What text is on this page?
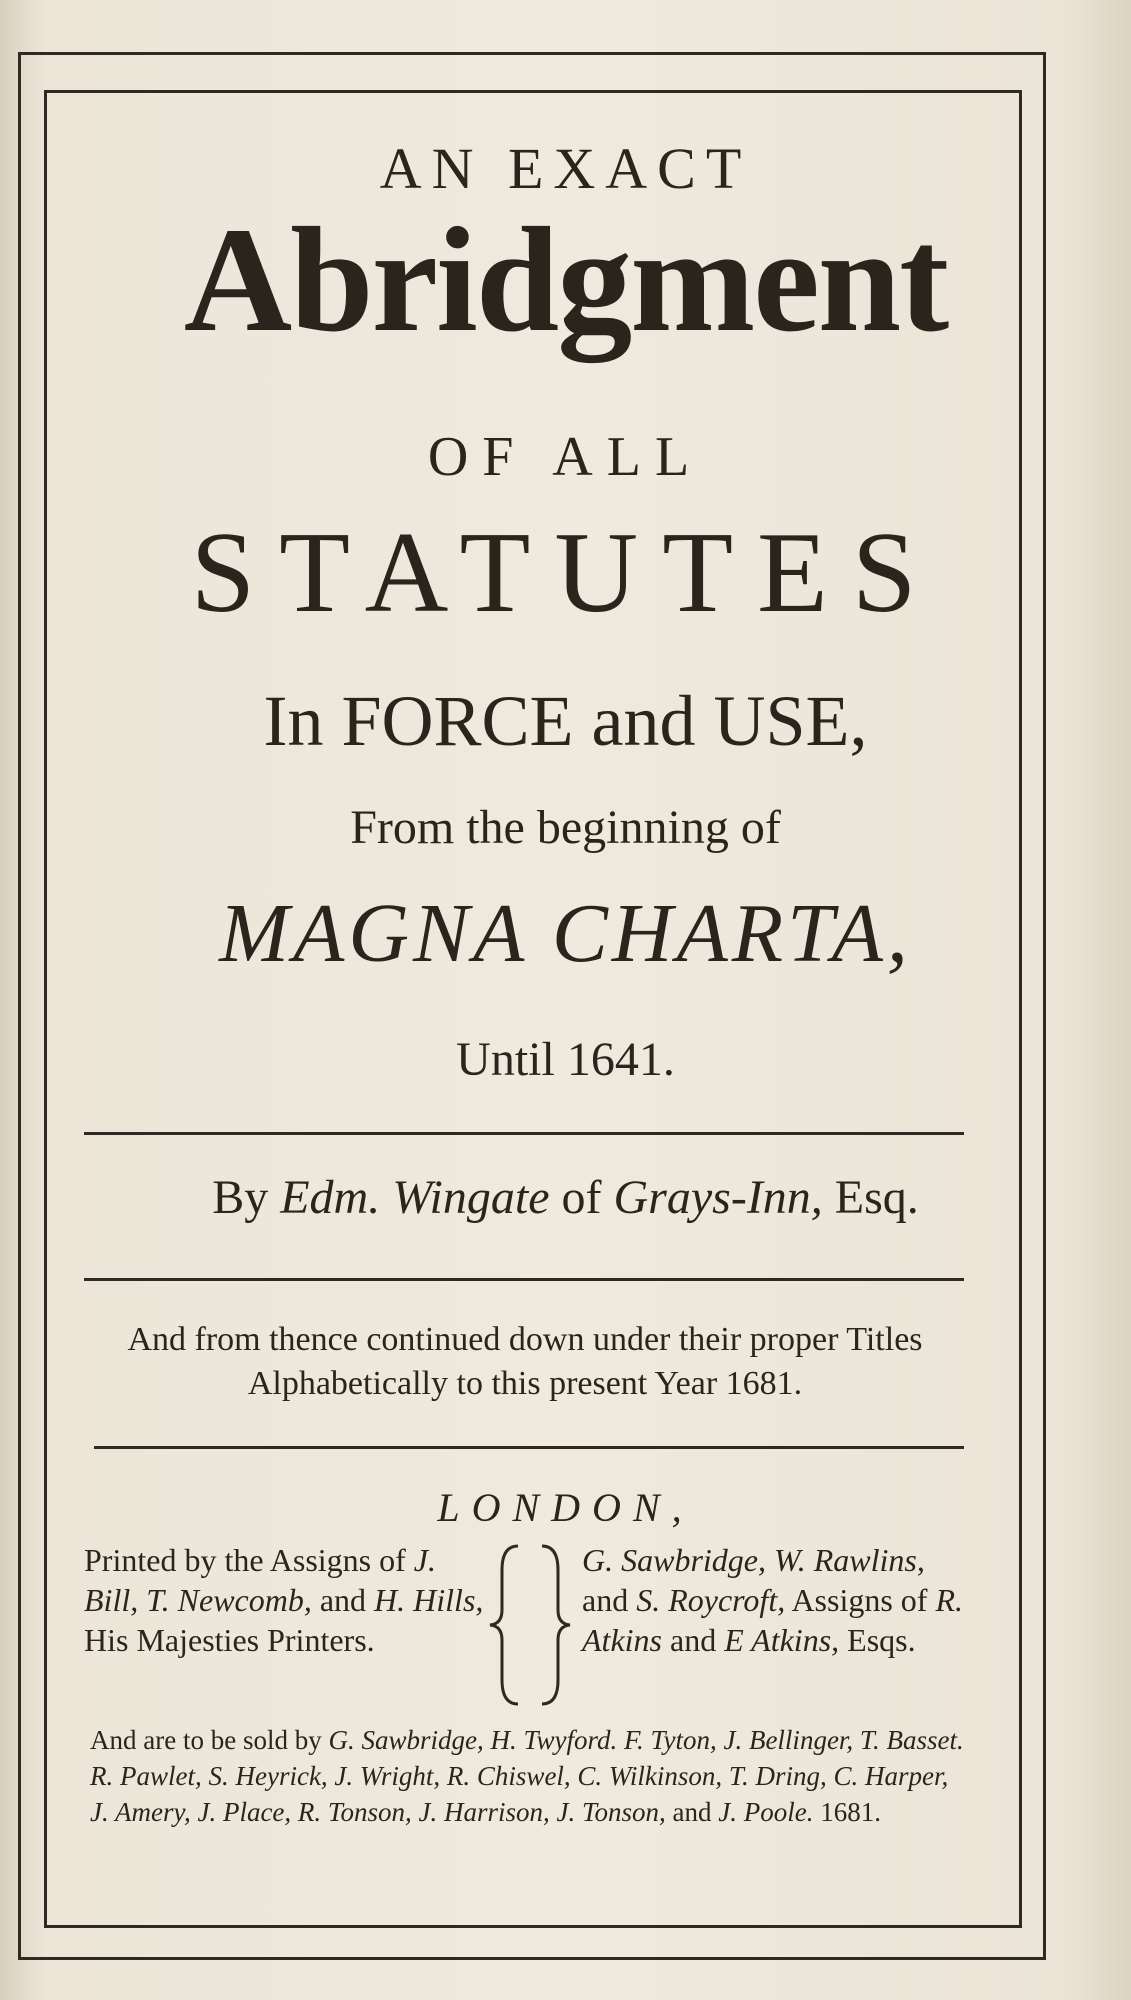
AN EXACT
Abridgment
OF ALL
STATUTES
In FORCE and USE,
From the beginning of
MAGNA CHARTA,
Until 1641.
By Edm. Wingate of Grays-Inn, Esq.
And from thence continued down under their proper Titles Alphabetically to this present Year 1681.
LONDON,
Printed by the Assigns of J. Bill, T. Newcomb, and H. Hills, His Majesties Printers.
G. Sawbridge, W. Rawlins, and S. Roycroft, Assigns of R. Atkins and E Atkins, Esqs.
And are to be sold by G. Sawbridge, H. Twyford. F. Tyton, J. Bellinger, T. Basset. R. Pawlet, S. Heyrick, J. Wright, R. Chiswel, C. Wilkinson, T. Dring, C. Harper, J. Amery, J. Place, R. Tonson, J. Harrison, J. Tonson, and J. Poole. 1681.
